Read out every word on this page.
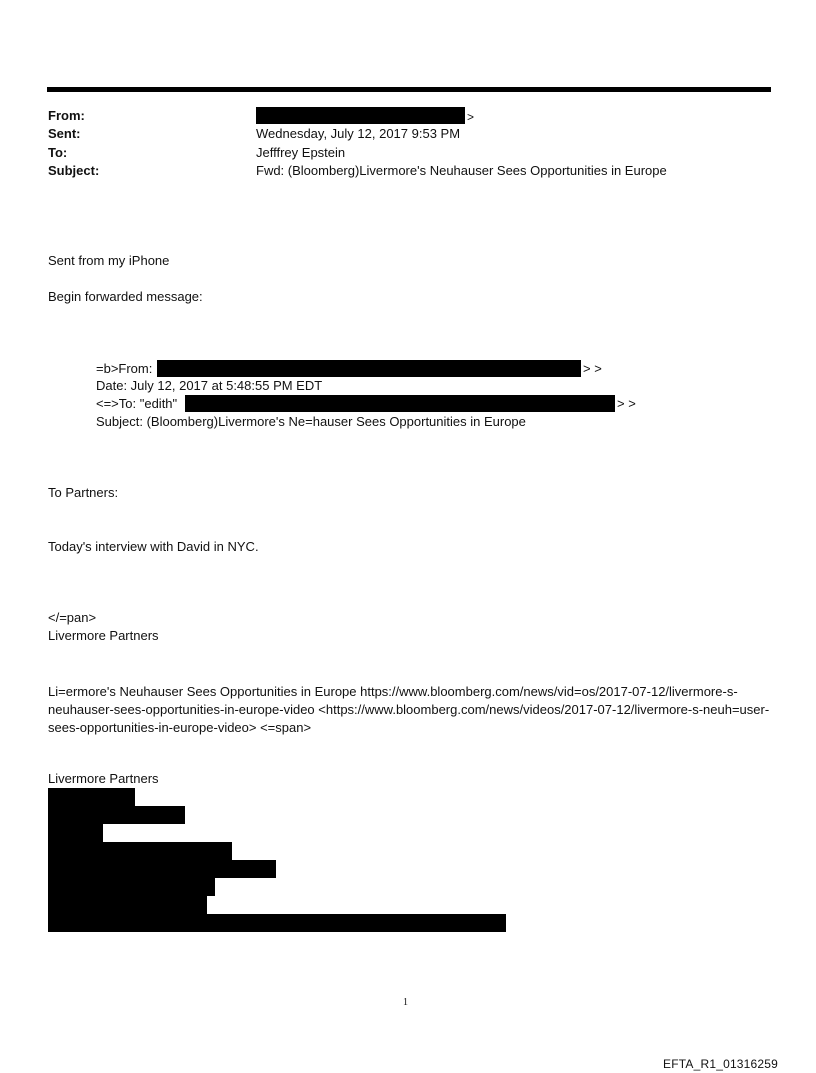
From:	>
Sent:	Wednesday, July 12, 2017 9:53 PM
To:	Jefffrey Epstein
Subject:	Fwd: (Bloomberg)Livermore's Neuhauser Sees Opportunities in Europe
Sent from my iPhone
Begin forwarded message:
=b>From:	> >
Date: July 12, 2017 at 5:48:55 PM EDT
<=>To: "edith"	> >
Subject: (Bloomberg)Livermore's Ne=hauser Sees Opportunities in Europe
To Partners:
Today's interview with David in NYC.
</=pan>
Livermore Partners
Li=ermore's Neuhauser Sees Opportunities in Europe https://www.bloomberg.com/news/vid=os/2017-07-12/livermore-s-neuhauser-sees-opportunities-in-europe-video <https://www.bloomberg.com/news/videos/2017-07-12/livermore-s-neuh=user-sees-opportunities-in-europe-video> <=span>
Livermore Partners
1
EFTA_R1_01316259
